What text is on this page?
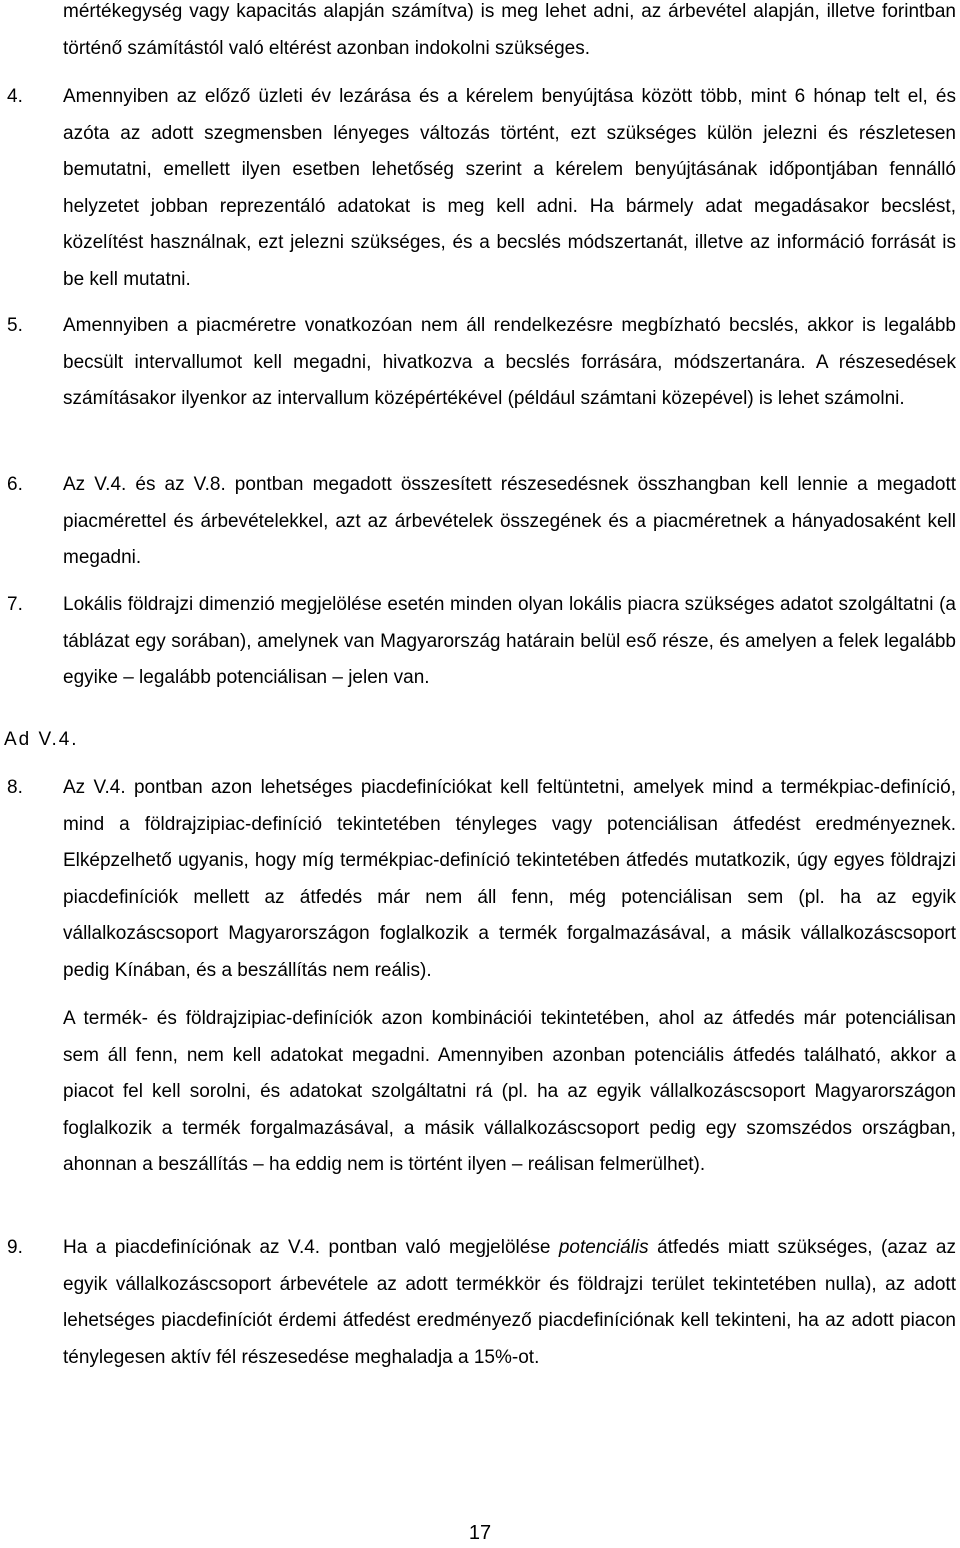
mértékegység vagy kapacitás alapján számítva) is meg lehet adni, az árbevétel alapján, illetve forintban történő számítástól való eltérést azonban indokolni szükséges.

4. Amennyiben az előző üzleti év lezárása és a kérelem benyújtása között több, mint 6 hónap telt el, és azóta az adott szegmensben lényeges változás történt, ezt szükséges külön jelezni és részletesen bemutatni, emellett ilyen esetben lehetőség szerint a kérelem benyújtásának időpontjában fennálló helyzetet jobban reprezentáló adatokat is meg kell adni. Ha bármely adat megadásakor becslést, közelítést használnak, ezt jelezni szükséges, és a becslés módszertanát, illetve az információ forrását is be kell mutatni.

5. Amennyiben a piacméretre vonatkozóan nem áll rendelkezésre megbízható becslés, akkor is legalább becsült intervallumot kell megadni, hivatkozva a becslés forrására, módszertanára. A részesedések számításakor ilyenkor az intervallum középértékével (például számtani közepével) is lehet számolni.

6. Az V.4. és az V.8. pontban megadott összesített részesedésnek összhangban kell lennie a megadott piacmérettel és árbevételekkel, azt az árbevételek összegének és a piacméretnek a hányadosaként kell megadni.

7. Lokális földrajzi dimenzió megjelölése esetén minden olyan lokális piacra szükséges adatot szolgáltatni (a táblázat egy sorában), amelynek van Magyarország határain belül eső része, és amelyen a felek legalább egyike – legalább potenciálisan – jelen van.

Ad V.4.

8. Az V.4. pontban azon lehetséges piacdefiníciókat kell feltüntetni, amelyek mind a termékpiac-definíció, mind a földrajzipiac-definíció tekintetében tényleges vagy potenciálisan átfedést eredményeznek. Elképzelhető ugyanis, hogy míg termékpiac-definíció tekintetében átfedés mutatkozik, úgy egyes földrajzi piacdefiníciók mellett az átfedés már nem áll fenn, még potenciálisan sem (pl. ha az egyik vállalkozáscsoport Magyarországon foglalkozik a termék forgalmazásával, a másik vállalkozáscsoport pedig Kínában, és a beszállítás nem reális).

A termék- és földrajzipiac-definíciók azon kombinációi tekintetében, ahol az átfedés már potenciálisan sem áll fenn, nem kell adatokat megadni. Amennyiben azonban potenciális átfedés található, akkor a piacot fel kell sorolni, és adatokat szolgáltatni rá (pl. ha az egyik vállalkozáscsoport Magyarországon foglalkozik a termék forgalmazásával, a másik vállalkozáscsoport pedig egy szomszédos országban, ahonnan a beszállítás – ha eddig nem is történt ilyen – reálisan felmerülhet).

9. Ha a piacdefiníciónak az V.4. pontban való megjelölése potenciális átfedés miatt szükséges, (azaz az egyik vállalkozáscsoport árbevétele az adott termékkör és földrajzi terület tekintetében nulla), az adott lehetséges piacdefiníciót érdemi átfedést eredményező piacdefiníciónak kell tekinteni, ha az adott piacon ténylegesen aktív fél részesedése meghaladja a 15%-ot.

17
